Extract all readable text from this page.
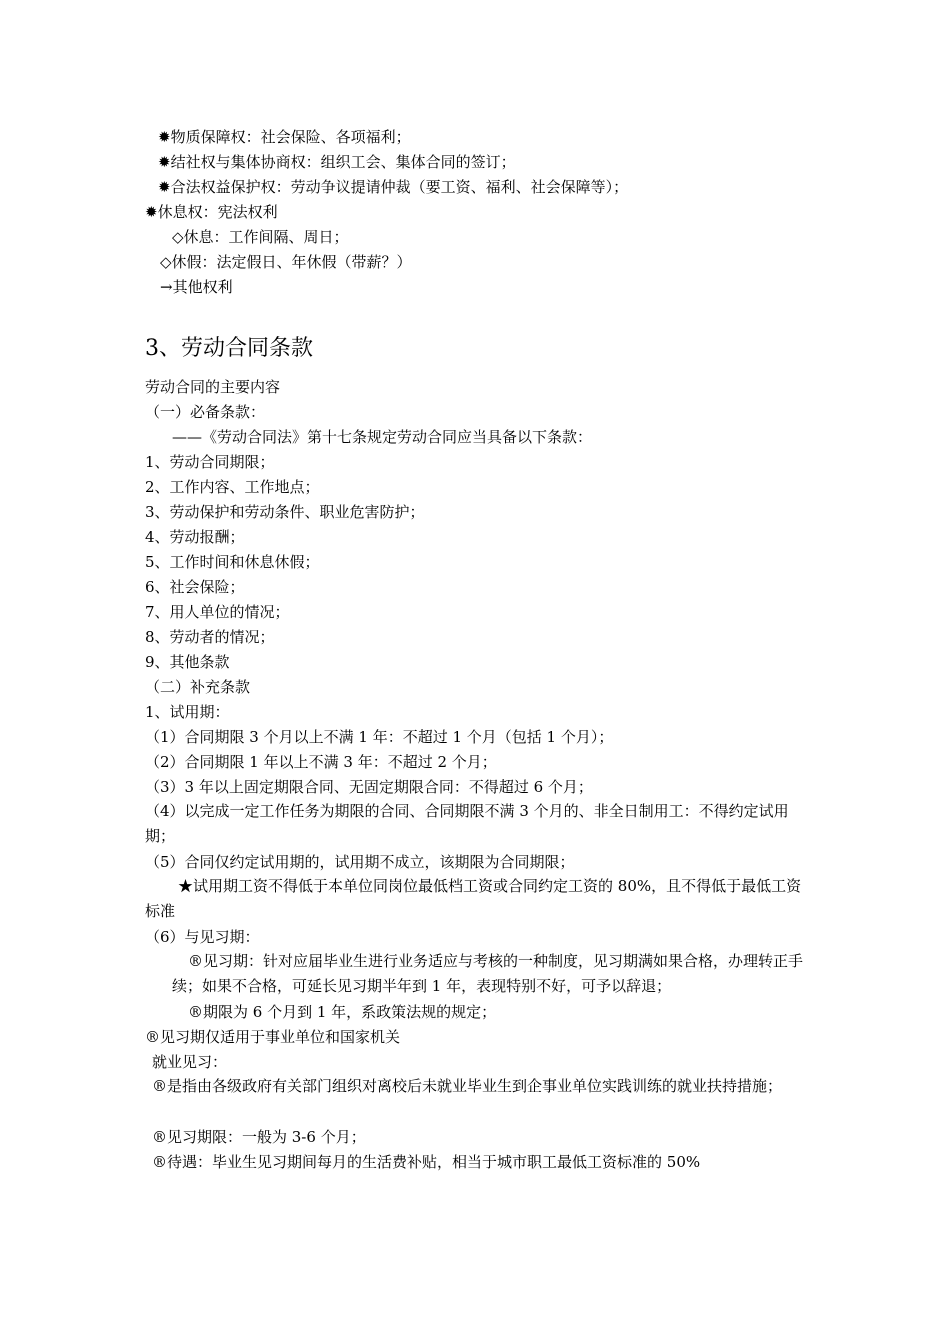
✹物质保障权：社会保险、各项福利；
✹结社权与集体协商权：组织工会、集体合同的签订；
✹合法权益保护权：劳动争议提请仲裁（要工资、福利、社会保障等）；
✹休息权：宪法权利
◇休息：工作间隔、周日；
◇休假：法定假日、年休假（带薪？）
→其他权利
3、劳动合同条款
劳动合同的主要内容
（一）必备条款：
——《劳动合同法》第十七条规定劳动合同应当具备以下条款：
1、劳动合同期限；
2、工作内容、工作地点；
3、劳动保护和劳动条件、职业危害防护；
4、劳动报酬；
5、工作时间和休息休假；
6、社会保险；
7、用人单位的情况；
8、劳动者的情况；
9、其他条款
（二）补充条款
1、试用期：
（1）合同期限 3 个月以上不满 1 年：不超过 1 个月（包括 1 个月）；
（2）合同期限 1 年以上不满 3 年：不超过 2 个月；
（3）3 年以上固定期限合同、无固定期限合同：不得超过 6 个月；
（4）以完成一定工作任务为期限的合同、合同期限不满 3 个月的、非全日制用工：不得约定试用期；
（5）合同仅约定试用期的，试用期不成立，该期限为合同期限；
★试用期工资不得低于本单位同岗位最低档工资或合同约定工资的 80%，且不得低于最低工资标准
（6）与见习期：
®见习期：针对应届毕业生进行业务适应与考核的一种制度，见习期满如果合格，办理转正手续；如果不合格，可延长见习期半年到 1 年，表现特别不好，可予以辞退；
®期限为 6 个月到 1 年，系政策法规的规定；
®见习期仅适用于事业单位和国家机关
就业见习：
®是指由各级政府有关部门组织对离校后未就业毕业生到企事业单位实践训练的就业扶持措施；
®见习期限：一般为 3-6 个月；
®待遇：毕业生见习期间每月的生活费补贴，相当于城市职工最低工资标准的 50%
